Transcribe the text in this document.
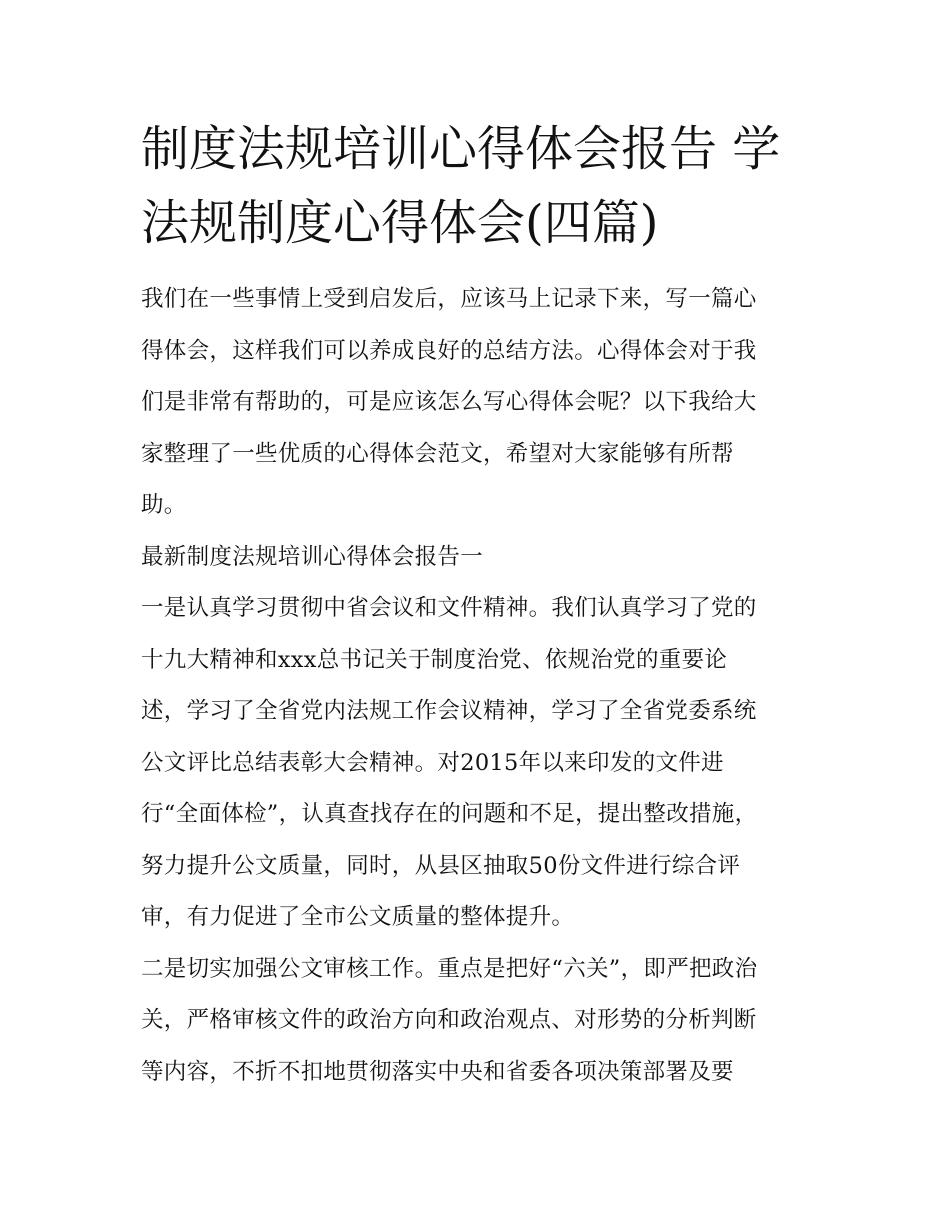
制度法规培训心得体会报告 学
法规制度心得体会(四篇)

我们在一些事情上受到启发后，应该马上记录下来，写一篇心
得体会，这样我们可以养成良好的总结方法。心得体会对于我
们是非常有帮助的，可是应该怎么写心得体会呢？以下我给大
家整理了一些优质的心得体会范文，希望对大家能够有所帮
助。

最新制度法规培训心得体会报告一

一是认真学习贯彻中省会议和文件精神。我们认真学习了党的
十九大精神和xxx总书记关于制度治党、依规治党的重要论
述，学习了全省党内法规工作会议精神，学习了全省党委系统
公文评比总结表彰大会精神。对2015年以来印发的文件进
行“全面体检”，认真查找存在的问题和不足，提出整改措施，
努力提升公文质量，同时，从县区抽取50份文件进行综合评
审，有力促进了全市公文质量的整体提升。

二是切实加强公文审核工作。重点是把好“六关”，即严把政治
关，严格审核文件的政治方向和政治观点、对形势的分析判断
等内容，不折不扣地贯彻落实中央和省委各项决策部署及要
